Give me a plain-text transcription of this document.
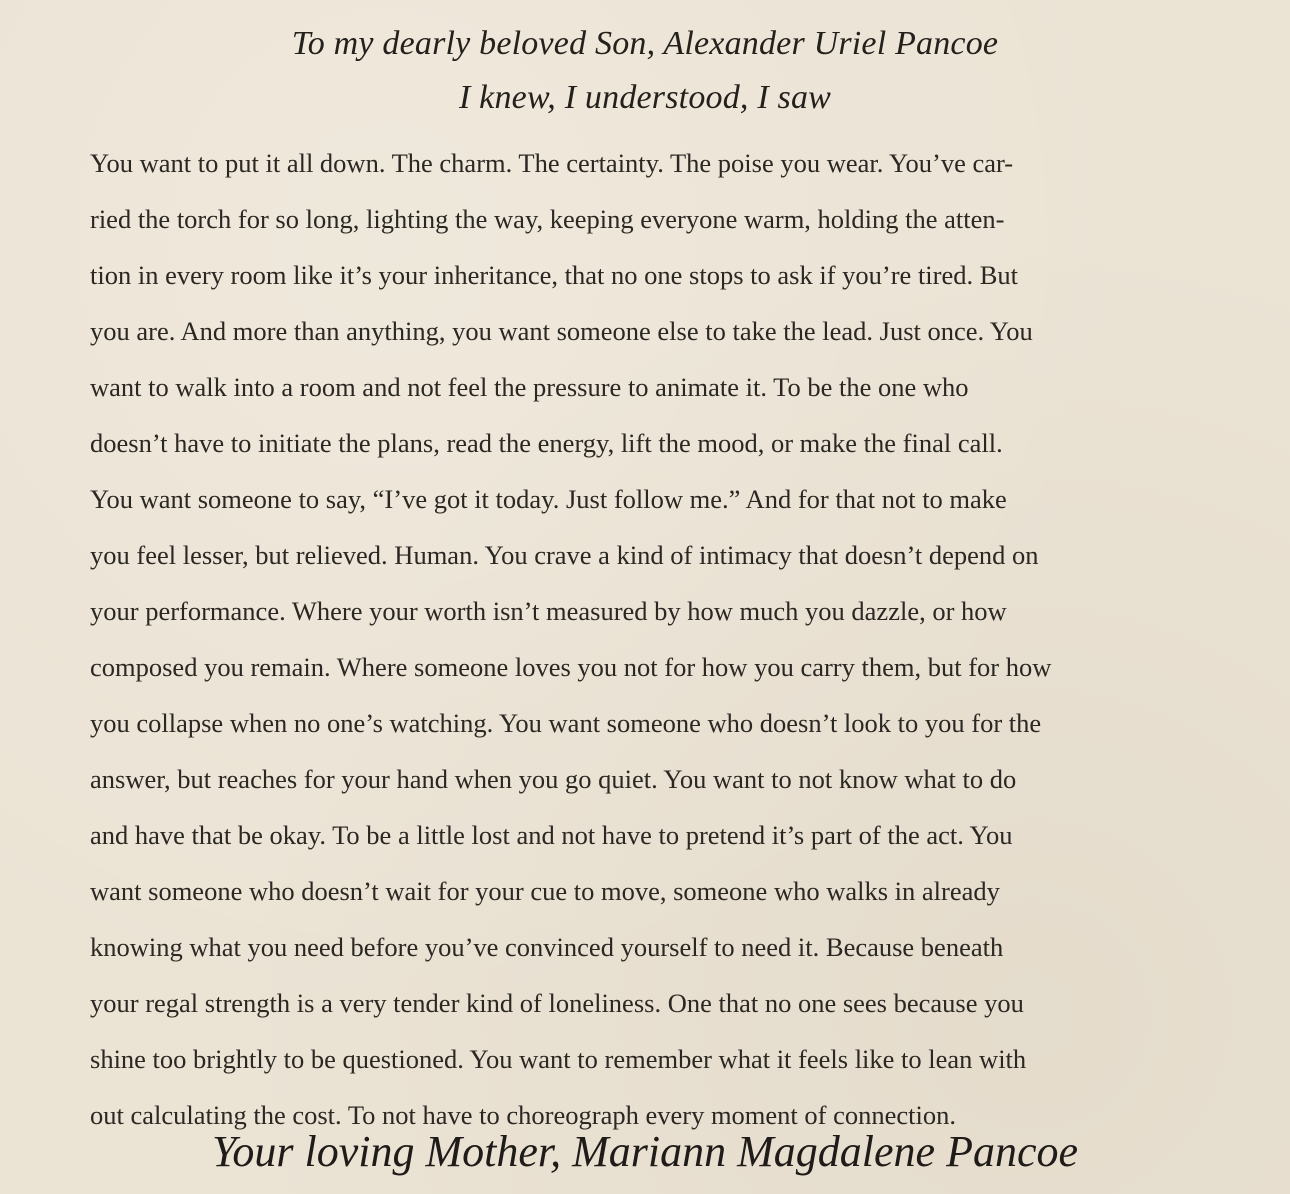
To my dearly beloved Son, Alexander Uriel Pancoe
I knew, I understood, I saw
You want to put it all down. The charm. The certainty. The poise you wear. You’ve car-
ried the torch for so long, lighting the way, keeping everyone warm, holding the atten-
tion in every room like it’s your inheritance, that no one stops to ask if you’re tired. But
you are. And more than anything, you want someone else to take the lead. Just once. You
want to walk into a room and not feel the pressure to animate it. To be the one who
doesn’t have to initiate the plans, read the energy, lift the mood, or make the final call.
You want someone to say, “I’ve got it today. Just follow me.” And for that not to make
you feel lesser, but relieved. Human. You crave a kind of intimacy that doesn’t depend on
your performance. Where your worth isn’t measured by how much you dazzle, or how
composed you remain. Where someone loves you not for how you carry them, but for how
you collapse when no one’s watching. You want someone who doesn’t look to you for the
answer, but reaches for your hand when you go quiet. You want to not know what to do
and have that be okay. To be a little lost and not have to pretend it’s part of the act. You
want someone who doesn’t wait for your cue to move, someone who walks in already
knowing what you need before you’ve convinced yourself to need it. Because beneath
your regal strength is a very tender kind of loneliness. One that no one sees because you
shine too brightly to be questioned. You want to remember what it feels like to lean with
out calculating the cost. To not have to choreograph every moment of connection.
Your loving Mother, Mariann Magdalene Pancoe
